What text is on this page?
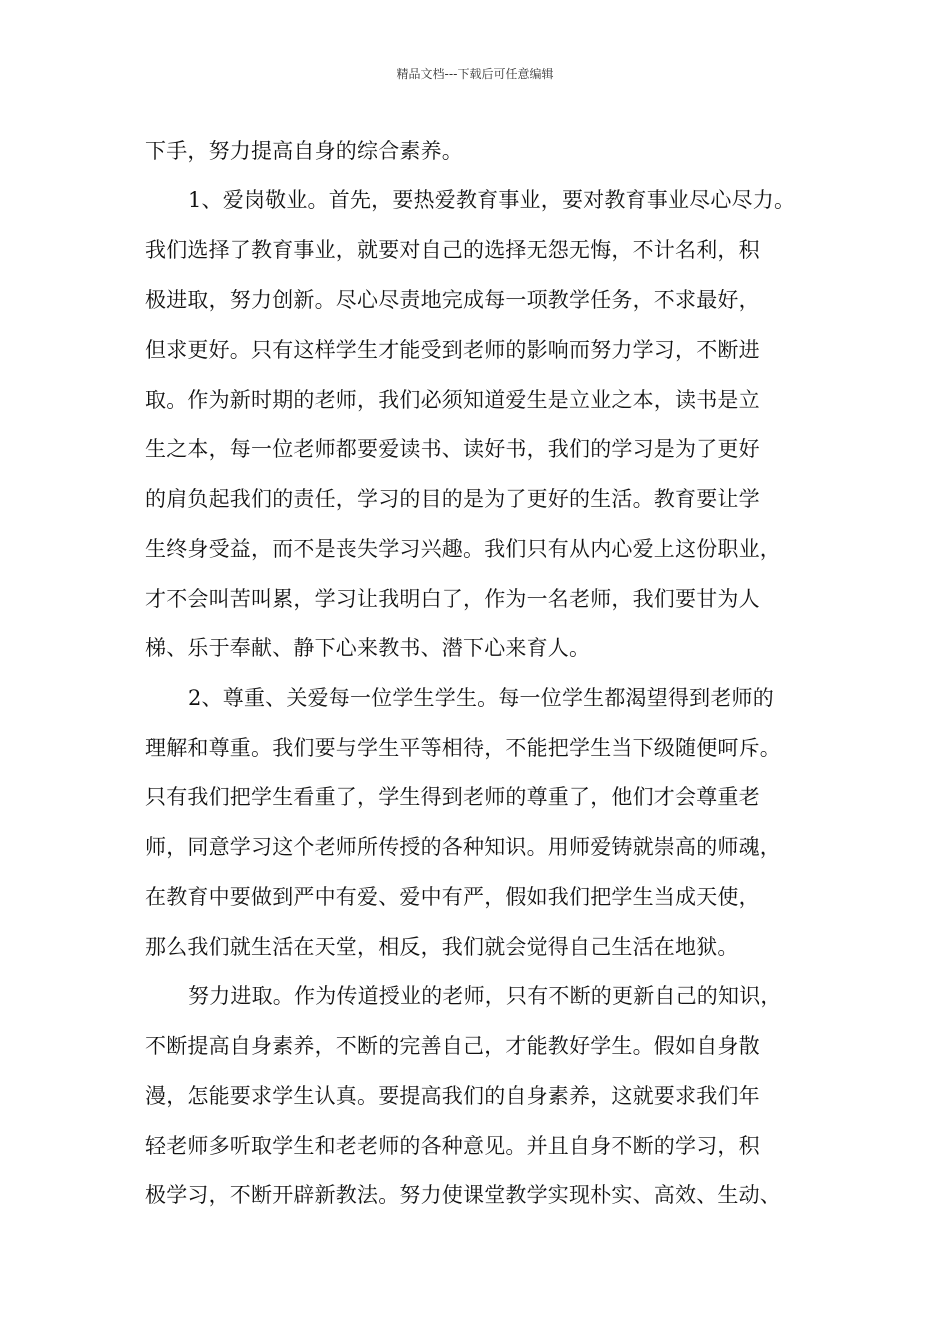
精品文档---下载后可任意编辑
下手，努力提高自身的综合素养。
1、爱岗敬业。首先，要热爱教育事业，要对教育事业尽心尽力。
我们选择了教育事业，就要对自己的选择无怨无悔，不计名利，积
极进取，努力创新。尽心尽责地完成每一项教学任务，不求最好，
但求更好。只有这样学生才能受到老师的影响而努力学习，不断进
取。作为新时期的老师，我们必须知道爱生是立业之本，读书是立
生之本，每一位老师都要爱读书、读好书，我们的学习是为了更好
的肩负起我们的责任，学习的目的是为了更好的生活。教育要让学
生终身受益，而不是丧失学习兴趣。我们只有从内心爱上这份职业，
才不会叫苦叫累，学习让我明白了，作为一名老师，我们要甘为人
梯、乐于奉献、静下心来教书、潜下心来育人。
2、尊重、关爱每一位学生学生。每一位学生都渴望得到老师的
理解和尊重。我们要与学生平等相待，不能把学生当下级随便呵斥。
只有我们把学生看重了，学生得到老师的尊重了，他们才会尊重老
师，同意学习这个老师所传授的各种知识。用师爱铸就崇高的师魂，
在教育中要做到严中有爱、爱中有严，假如我们把学生当成天使，
那么我们就生活在天堂，相反，我们就会觉得自己生活在地狱。
努力进取。作为传道授业的老师，只有不断的更新自己的知识，
不断提高自身素养，不断的完善自己，才能教好学生。假如自身散
漫，怎能要求学生认真。要提高我们的自身素养，这就要求我们年
轻老师多听取学生和老老师的各种意见。并且自身不断的学习，积
极学习，不断开辟新教法。努力使课堂教学实现朴实、高效、生动、
